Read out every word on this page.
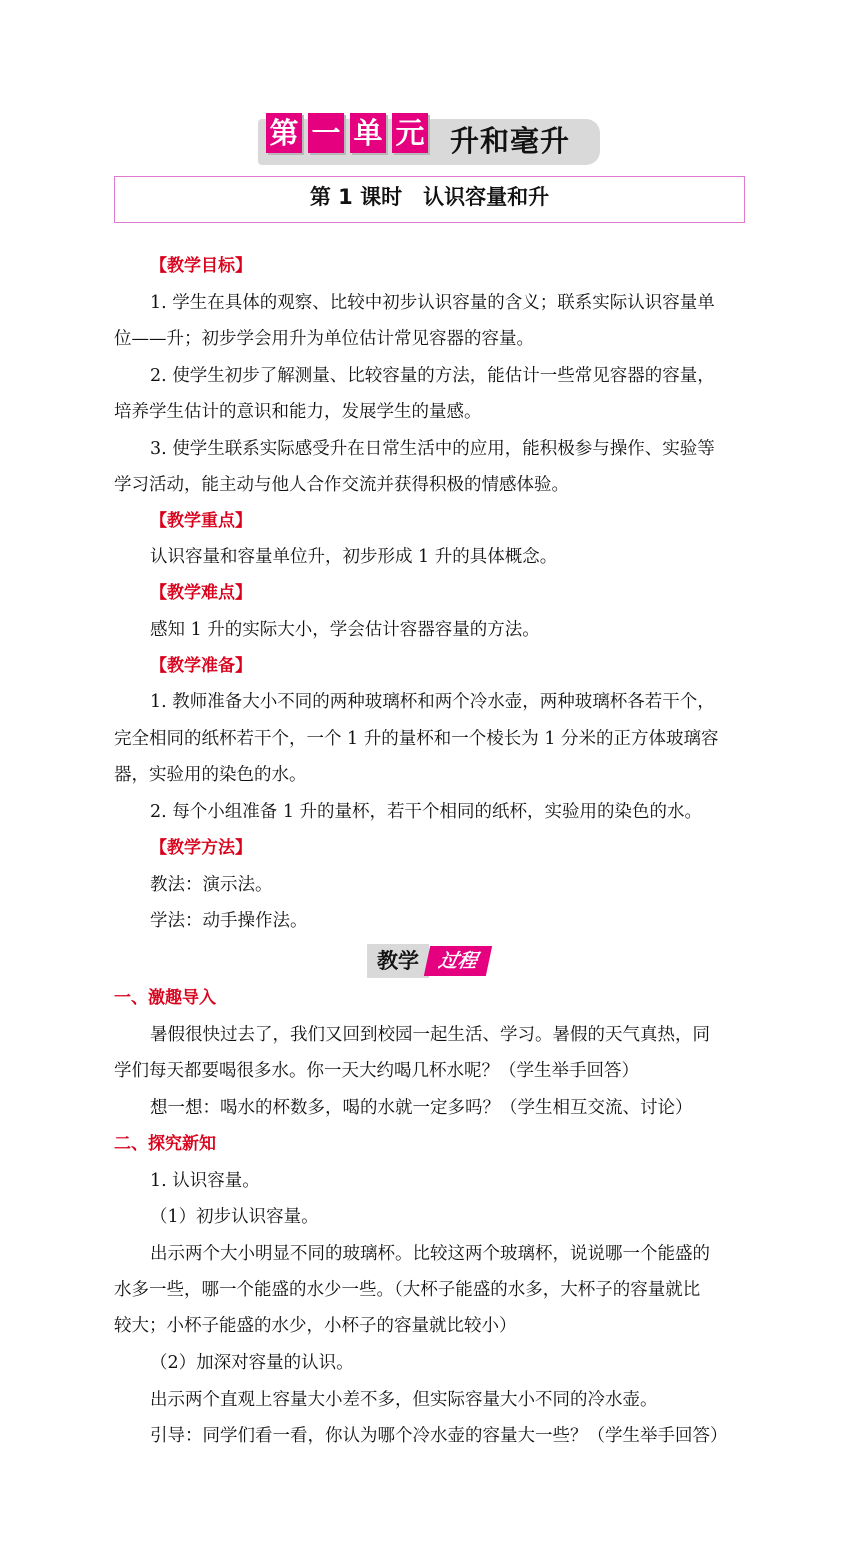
第 一 单 元 升和毫升
第 1 课时　认识容量和升
【教学目标】
1. 学生在具体的观察、比较中初步认识容量的含义；联系实际认识容量单
位——升；初步学会用升为单位估计常见容器的容量。
2. 使学生初步了解测量、比较容量的方法，能估计一些常见容器的容量，
培养学生估计的意识和能力，发展学生的量感。
3. 使学生联系实际感受升在日常生活中的应用，能积极参与操作、实验等
学习活动，能主动与他人合作交流并获得积极的情感体验。
【教学重点】
认识容量和容量单位升，初步形成 1 升的具体概念。
【教学难点】
感知 1 升的实际大小，学会估计容器容量的方法。
【教学准备】
1. 教师准备大小不同的两种玻璃杯和两个冷水壶，两种玻璃杯各若干个，
完全相同的纸杯若干个，一个 1 升的量杯和一个棱长为 1 分米的正方体玻璃容
器，实验用的染色的水。
2. 每个小组准备 1 升的量杯，若干个相同的纸杯，实验用的染色的水。
【教学方法】
教法：演示法。
学法：动手操作法。
教学 过程
一、激趣导入
暑假很快过去了，我们又回到校园一起生活、学习。暑假的天气真热，同
学们每天都要喝很多水。你一天大约喝几杯水呢？（学生举手回答）
想一想：喝水的杯数多，喝的水就一定多吗？（学生相互交流、讨论）
二、探究新知
1. 认识容量。
（1）初步认识容量。
出示两个大小明显不同的玻璃杯。比较这两个玻璃杯，说说哪一个能盛的
水多一些，哪一个能盛的水少一些。（大杯子能盛的水多，大杯子的容量就比
较大；小杯子能盛的水少，小杯子的容量就比较小）
（2）加深对容量的认识。
出示两个直观上容量大小差不多，但实际容量大小不同的冷水壶。
引导：同学们看一看，你认为哪个冷水壶的容量大一些？（学生举手回答）
